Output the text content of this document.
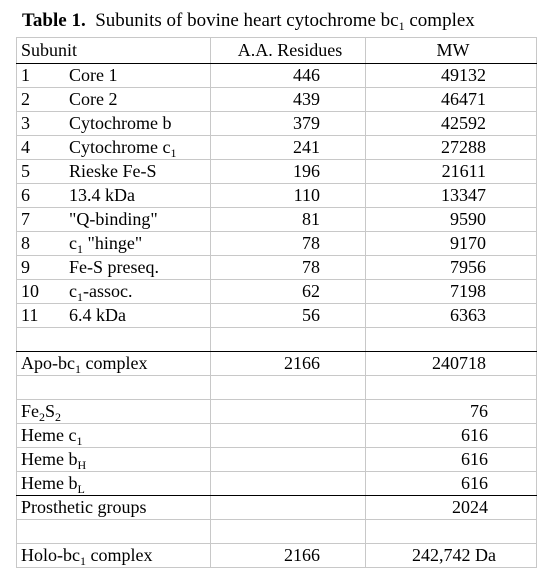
Table 1. Subunits of bovine heart cytochrome $bc_1$ complex

Subunit	A.A. Residues	MW
1 Core 1	446	49132
2 Core 2	439	46471
3 Cytochrome b	379	42592
4 Cytochrome $c_1$	241	27288
5 Rieske Fe-S	196	21611
6 13.4 kDa	110	13347
7 "Q-binding"	81	9590
8 $c_1$ "hinge"	78	9170
9 Fe-S preseq.	78	7956
10 $c_1$-assoc.	62	7198
11 6.4 kDa	56	6363

Apo-$bc_1$ complex	2166	240718

$Fe_2S_2$		76
Heme $c_1$		616
Heme $b_H$		616
Heme $b_L$		616
Prosthetic groups		2024

Holo-$bc_1$ complex	2166	242,742 Da
